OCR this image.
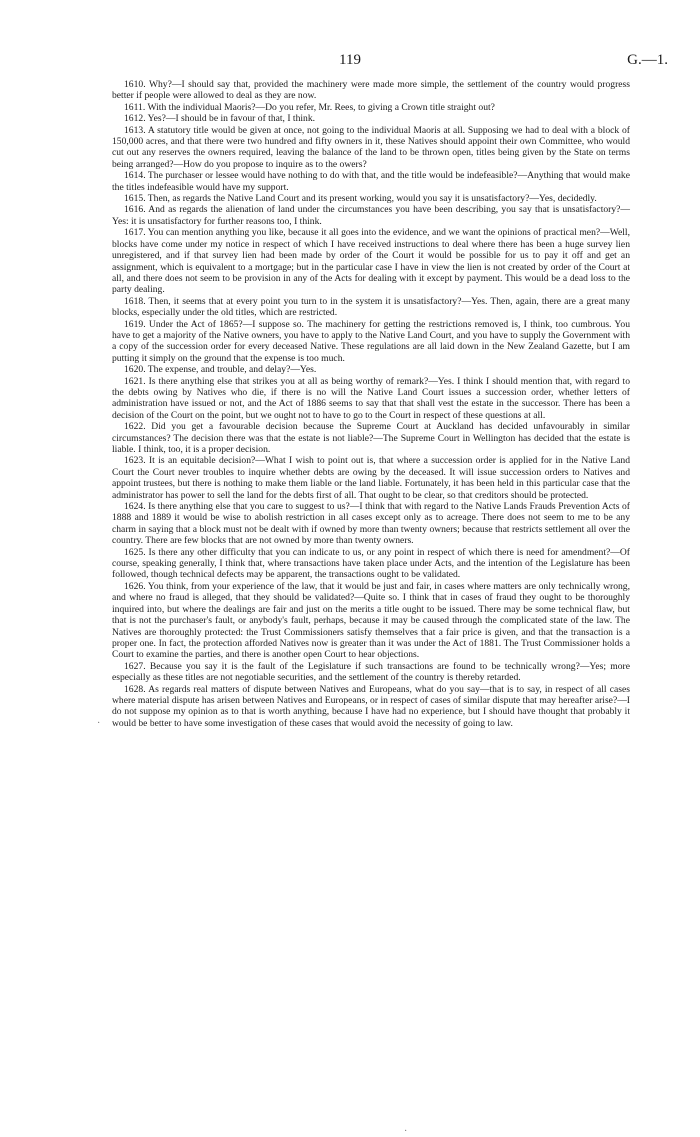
119	G.—1.

1610. Why?—I should say that, provided the machinery were made more simple, the settlement of the country would progress better if people were allowed to deal as they are now.

1611. With the individual Maoris?—Do you refer, Mr. Rees, to giving a Crown title straight out?

1612. Yes?—I should be in favour of that, I think.

1613. A statutory title would be given at once, not going to the individual Maoris at all. Supposing we had to deal with a block of 150,000 acres, and that there were two hundred and fifty owners in it, these Natives should appoint their own Committee, who would cut out any reserves the owners required, leaving the balance of the land to be thrown open, titles being given by the State on terms being arranged?—How do you propose to inquire as to the owers?

1614. The purchaser or lessee would have nothing to do with that, and the title would be indefeasible?—Anything that would make the titles indefeasible would have my support.

1615. Then, as regards the Native Land Court and its present working, would you say it is unsatisfactory?—Yes, decidedly.

1616. And as regards the alienation of land under the circumstances you have been describing, you say that is unsatisfactory?—Yes: it is unsatisfactory for further reasons too, I think.

1617. You can mention anything you like, because it all goes into the evidence, and we want the opinions of practical men?—Well, blocks have come under my notice in respect of which I have received instructions to deal where there has been a huge survey lien unregistered, and if that survey lien had been made by order of the Court it would be possible for us to pay it off and get an assignment, which is equivalent to a mortgage; but in the particular case I have in view the lien is not created by order of the Court at all, and there does not seem to be provision in any of the Acts for dealing with it except by payment. This would be a dead loss to the party dealing.

1618. Then, it seems that at every point you turn to in the system it is unsatisfactory?—Yes. Then, again, there are a great many blocks, especially under the old titles, which are restricted.

1619. Under the Act of 1865?—I suppose so. The machinery for getting the restrictions removed is, I think, too cumbrous. You have to get a majority of the Native owners, you have to apply to the Native Land Court, and you have to supply the Government with a copy of the succession order for every deceased Native. These regulations are all laid down in the New Zealand Gazette, but I am putting it simply on the ground that the expense is too much.

1620. The expense, and trouble, and delay?—Yes.

1621. Is there anything else that strikes you at all as being worthy of remark?—Yes. I think I should mention that, with regard to the debts owing by Natives who die, if there is no will the Native Land Court issues a succession order, whether letters of administration have issued or not, and the Act of 1886 seems to say that that shall vest the estate in the successor. There has been a decision of the Court on the point, but we ought not to have to go to the Court in respect of these questions at all.

1622. Did you get a favourable decision because the Supreme Court at Auckland has decided unfavourably in similar circumstances? The decision there was that the estate is not liable?—The Supreme Court in Wellington has decided that the estate is liable. I think, too, it is a proper decision.

1623. It is an equitable decision?—What I wish to point out is, that where a succession order is applied for in the Native Land Court the Court never troubles to inquire whether debts are owing by the deceased. It will issue succession orders to Natives and appoint trustees, but there is nothing to make them liable or the land liable. Fortunately, it has been held in this particular case that the administrator has power to sell the land for the debts first of all. That ought to be clear, so that creditors should be protected.

1624. Is there anything else that you care to suggest to us?—I think that with regard to the Native Lands Frauds Prevention Acts of 1888 and 1889 it would be wise to abolish restriction in all cases except only as to acreage. There does not seem to me to be any charm in saying that a block must not be dealt with if owned by more than twenty owners; because that restricts settlement all over the country. There are few blocks that are not owned by more than twenty owners.

1625. Is there any other difficulty that you can indicate to us, or any point in respect of which there is need for amendment?—Of course, speaking generally, I think that, where transactions have taken place under Acts, and the intention of the Legislature has been followed, though technical defects may be apparent, the transactions ought to be validated.

1626. You think, from your experience of the law, that it would be just and fair, in cases where matters are only technically wrong, and where no fraud is alleged, that they should be validated?—Quite so. I think that in cases of fraud they ought to be thoroughly inquired into, but where the dealings are fair and just on the merits a title ought to be issued. There may be some technical flaw, but that is not the purchaser's fault, or anybody's fault, perhaps, because it may be caused through the complicated state of the law. The Natives are thoroughly protected: the Trust Commissioners satisfy themselves that a fair price is given, and that the transaction is a proper one. In fact, the protection afforded Natives now is greater than it was under the Act of 1881. The Trust Commissioner holds a Court to examine the parties, and there is another open Court to hear objections.

1627. Because you say it is the fault of the Legislature if such transactions are found to be technically wrong?—Yes; more especially as these titles are not negotiable securities, and the settlement of the country is thereby retarded.

1628. As regards real matters of dispute between Natives and Europeans, what do you say—that is to say, in respect of all cases where material dispute has arisen between Natives and Europeans, or in respect of cases of similar dispute that may hereafter arise?—I do not suppose my opinion as to that is worth anything, because I have had no experience, but I should have thought that probably it would be better to have some investigation of these cases that would avoid the necessity of going to law.

·
·
